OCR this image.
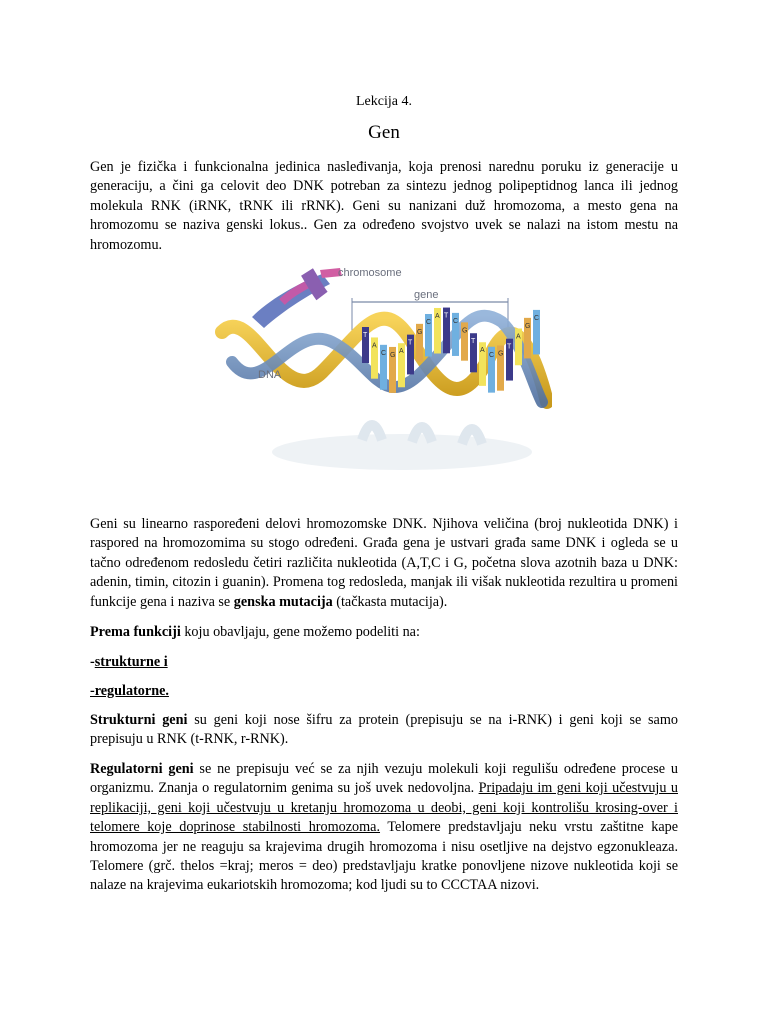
Lekcija 4.
Gen

Gen je fizička i funkcionalna jedinica nasleđivanja, koja prenosi narednu poruku iz generacije u generaciju, a čini ga celovit deo DNK potreban za sintezu jednog polipeptidnog lanca ili jednog molekula RNK (iRNK, tRNK ili rRNK). Geni su nanizani duž hromozoma, a mesto gena na hromozomu se naziva genski lokus.. Gen za određeno svojstvo uvek se nalazi na istom mestu na hromozomu.

chromosome
gene
T
A
C G
A
T
G
C
A T
C
G
T
A
C G
T
A
G
C
DNA

Geni su linearno raspoređeni delovi hromozomske DNK. Njihova veličina (broj nukleotida DNK) i raspored na hromozomima su stogo određeni. Građa gena je ustvari građa same DNK i ogleda se u tačno određenom redosledu četiri različita nukleotida (A,T,C i G, početna slova azotnih baza u DNK: adenin, timin, citozin i guanin). Promena tog redosleda, manjak ili višak nukleotida rezultira u promeni funkcije gena i naziva se genska mutacija (tačkasta mutacija).

Prema funkciji koju obavljaju, gene možemo podeliti na:

-strukturne i

-regulatorne.

Strukturni geni su geni koji nose šifru za protein (prepisuju se na i-RNK) i geni koji se samo prepisuju u RNK (t-RNK, r-RNK).

Regulatorni geni se ne prepisuju već se za njih vezuju molekuli koji regulišu određene procese u organizmu. Znanja o regulatornim genima su još uvek nedovoljna. Pripadaju im geni koji učestvuju u replikaciji, geni koji učestvuju u kretanju hromozoma u deobi, geni koji kontrolišu krosing-over i telomere koje doprinose stabilnosti hromozoma. Telomere predstavljaju neku vrstu zaštitne kape hromozoma jer ne reaguju sa krajevima drugih hromozoma i nisu osetljive na dejstvo egzonukleaza. Telomere (grč. thelos =kraj; meros = deo) predstavljaju kratke ponovljene nizove nukleotida koji se nalaze na krajevima eukariotskih hromozoma; kod ljudi su to CCCTAA nizovi.
